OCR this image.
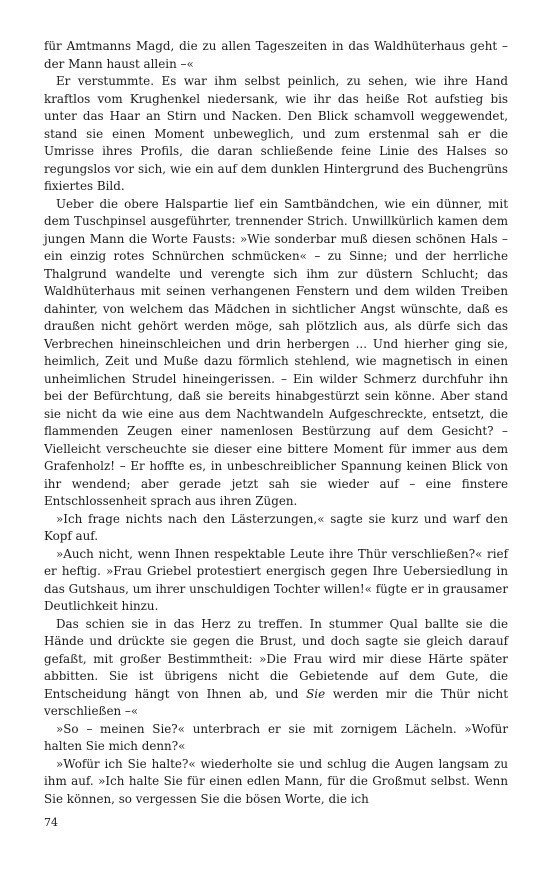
für Amtmanns Magd, die zu allen Tageszeiten in das Waldhüterhaus geht – der Mann haust allein –«

Er verstummte. Es war ihm selbst peinlich, zu sehen, wie ihre Hand kraftlos vom Krughenkel niedersank, wie ihr das heiße Rot aufstieg bis unter das Haar an Stirn und Nacken. Den Blick schamvoll weggewendet, stand sie einen Moment unbeweglich, und zum erstenmal sah er die Umrisse ihres Profils, die daran schließende feine Linie des Halses so regungslos vor sich, wie ein auf dem dunklen Hintergrund des Buchengrüns fixiertes Bild.

Ueber die obere Halspartie lief ein Samtbändchen, wie ein dünner, mit dem Tuschpinsel ausgeführter, trennender Strich. Unwillkürlich kamen dem jungen Mann die Worte Fausts: »Wie sonderbar muß diesen schönen Hals – ein einzig rotes Schnürchen schmücken« – zu Sinne; und der herrliche Thalgrund wandelte und verengte sich ihm zur düstern Schlucht; das Waldhüterhaus mit seinen verhangenen Fenstern und dem wilden Treiben dahinter, von welchem das Mädchen in sichtlicher Angst wünschte, daß es draußen nicht gehört werden möge, sah plötzlich aus, als dürfe sich das Verbrechen hineinschleichen und drin herbergen ... Und hierher ging sie, heimlich, Zeit und Muße dazu förmlich stehlend, wie magnetisch in einen unheimlichen Strudel hineingerissen. – Ein wilder Schmerz durchfuhr ihn bei der Befürchtung, daß sie bereits hinabgestürzt sein könne. Aber stand sie nicht da wie eine aus dem Nachtwandeln Aufgeschreckte, entsetzt, die flammenden Zeugen einer namenlosen Bestürzung auf dem Gesicht? – Vielleicht verscheuchte sie dieser eine bittere Moment für immer aus dem Grafenholz! – Er hoffte es, in unbeschreiblicher Spannung keinen Blick von ihr wendend; aber gerade jetzt sah sie wieder auf – eine finstere Entschlossenheit sprach aus ihren Zügen.

»Ich frage nichts nach den Lästerzungen,« sagte sie kurz und warf den Kopf auf.

»Auch nicht, wenn Ihnen respektable Leute ihre Thür verschließen?« rief er heftig. »Frau Griebel protestiert energisch gegen Ihre Uebersiedlung in das Gutshaus, um ihrer unschuldigen Tochter willen!« fügte er in grausamer Deutlichkeit hinzu.

Das schien sie in das Herz zu treffen. In stummer Qual ballte sie die Hände und drückte sie gegen die Brust, und doch sagte sie gleich darauf gefaßt, mit großer Bestimmtheit: »Die Frau wird mir diese Härte später abbitten. Sie ist übrigens nicht die Gebietende auf dem Gute, die Entscheidung hängt von Ihnen ab, und Sie werden mir die Thür nicht verschließen –«

»So – meinen Sie?« unterbrach er sie mit zornigem Lächeln. »Wofür halten Sie mich denn?«

»Wofür ich Sie halte?« wiederholte sie und schlug die Augen langsam zu ihm auf. »Ich halte Sie für einen edlen Mann, für die Großmut selbst. Wenn Sie können, so vergessen Sie die bösen Worte, die ich

74
